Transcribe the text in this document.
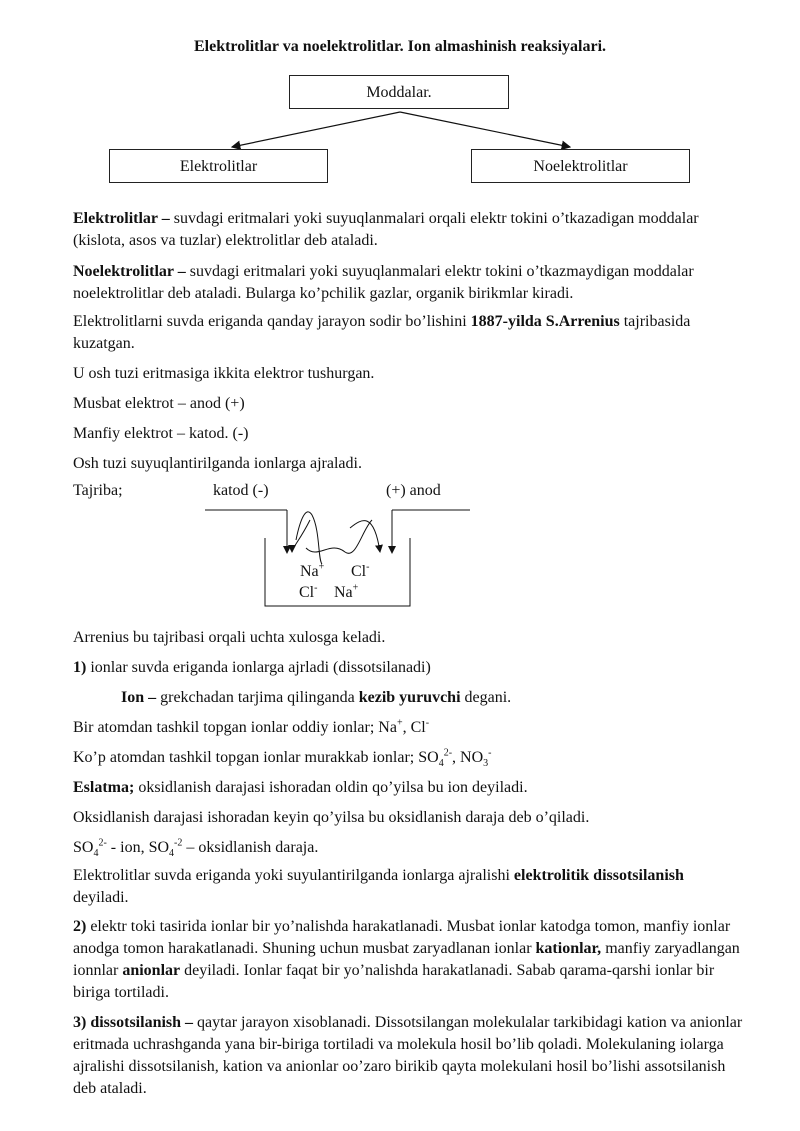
Elektrolitlar va noelektrolitlar. Ion almashinish reaksiyalari.
Moddalar.
Elektrolitlar	Noelektrolitlar
Elektrolitlar – suvdagi eritmalari yoki suyuqlanmalari orqali elektr tokini o’tkazadigan moddalar (kislota, asos va tuzlar) elektrolitlar deb ataladi.
Noelektrolitlar – suvdagi eritmalari yoki suyuqlanmalari elektr tokini o’tkazmaydigan moddalar noelektrolitlar deb ataladi. Bularga ko’pchilik gazlar, organik birikmlar kiradi.
Elektrolitlarni suvda eriganda qanday jarayon sodir bo’lishini 1887-yilda S.Arrenius tajribasida kuzatgan.
U osh tuzi eritmasiga ikkita elektror tushurgan.
Musbat elektrot – anod (+)
Manfiy elektrot – katod. (-)
Osh tuzi suyuqlantirilganda ionlarga ajraladi.
Tajriba;	katod (-)	(+) anod
Na+ Cl-
Cl- Na+
Arrenius bu tajribasi orqali uchta xulosga keladi.
1) ionlar suvda eriganda ionlarga ajrladi (dissotsilanadi)
Ion – grekchadan tarjima qilinganda kezib yuruvchi degani.
Bir atomdan tashkil topgan ionlar oddiy ionlar; Na+, Cl-
Ko’p atomdan tashkil topgan ionlar murakkab ionlar; $SO_4^{2-}$, $NO_3^-$
Eslatma; oksidlanish darajasi ishoradan oldin qo’yilsa bu ion deyiladi.
Oksidlanish darajasi ishoradan keyin qo’yilsa bu oksidlanish daraja deb o’qiladi.
$SO_4^{2-}$ - ion, $SO_4^{-2}$ – oksidlanish daraja.
Elektrolitlar suvda eriganda yoki suyulantirilganda ionlarga ajralishi elektrolitik dissotsilanish deyiladi.
2) elektr toki tasirida ionlar bir yo’nalishda harakatlanadi. Musbat ionlar katodga tomon, manfiy ionlar anodga tomon harakatlanadi. Shuning uchun musbat zaryadlanan ionlar kationlar, manfiy zaryadlangan ionnlar anionlar deyiladi. Ionlar faqat bir yo’nalishda harakatlanadi. Sabab qarama-qarshi ionlar bir biriga tortiladi.
3) dissotsilanish – qaytar jarayon xisoblanadi. Dissotsilangan molekulalar tarkibidagi kation va anionlar eritmada uchrashganda yana bir-biriga tortiladi va molekula hosil bo’lib qoladi. Molekulaning iolarga ajralishi dissotsilanish, kation va anionlar oo’zaro birikib qayta molekulani hosil bo’lishi assotsilanish deb ataladi.
